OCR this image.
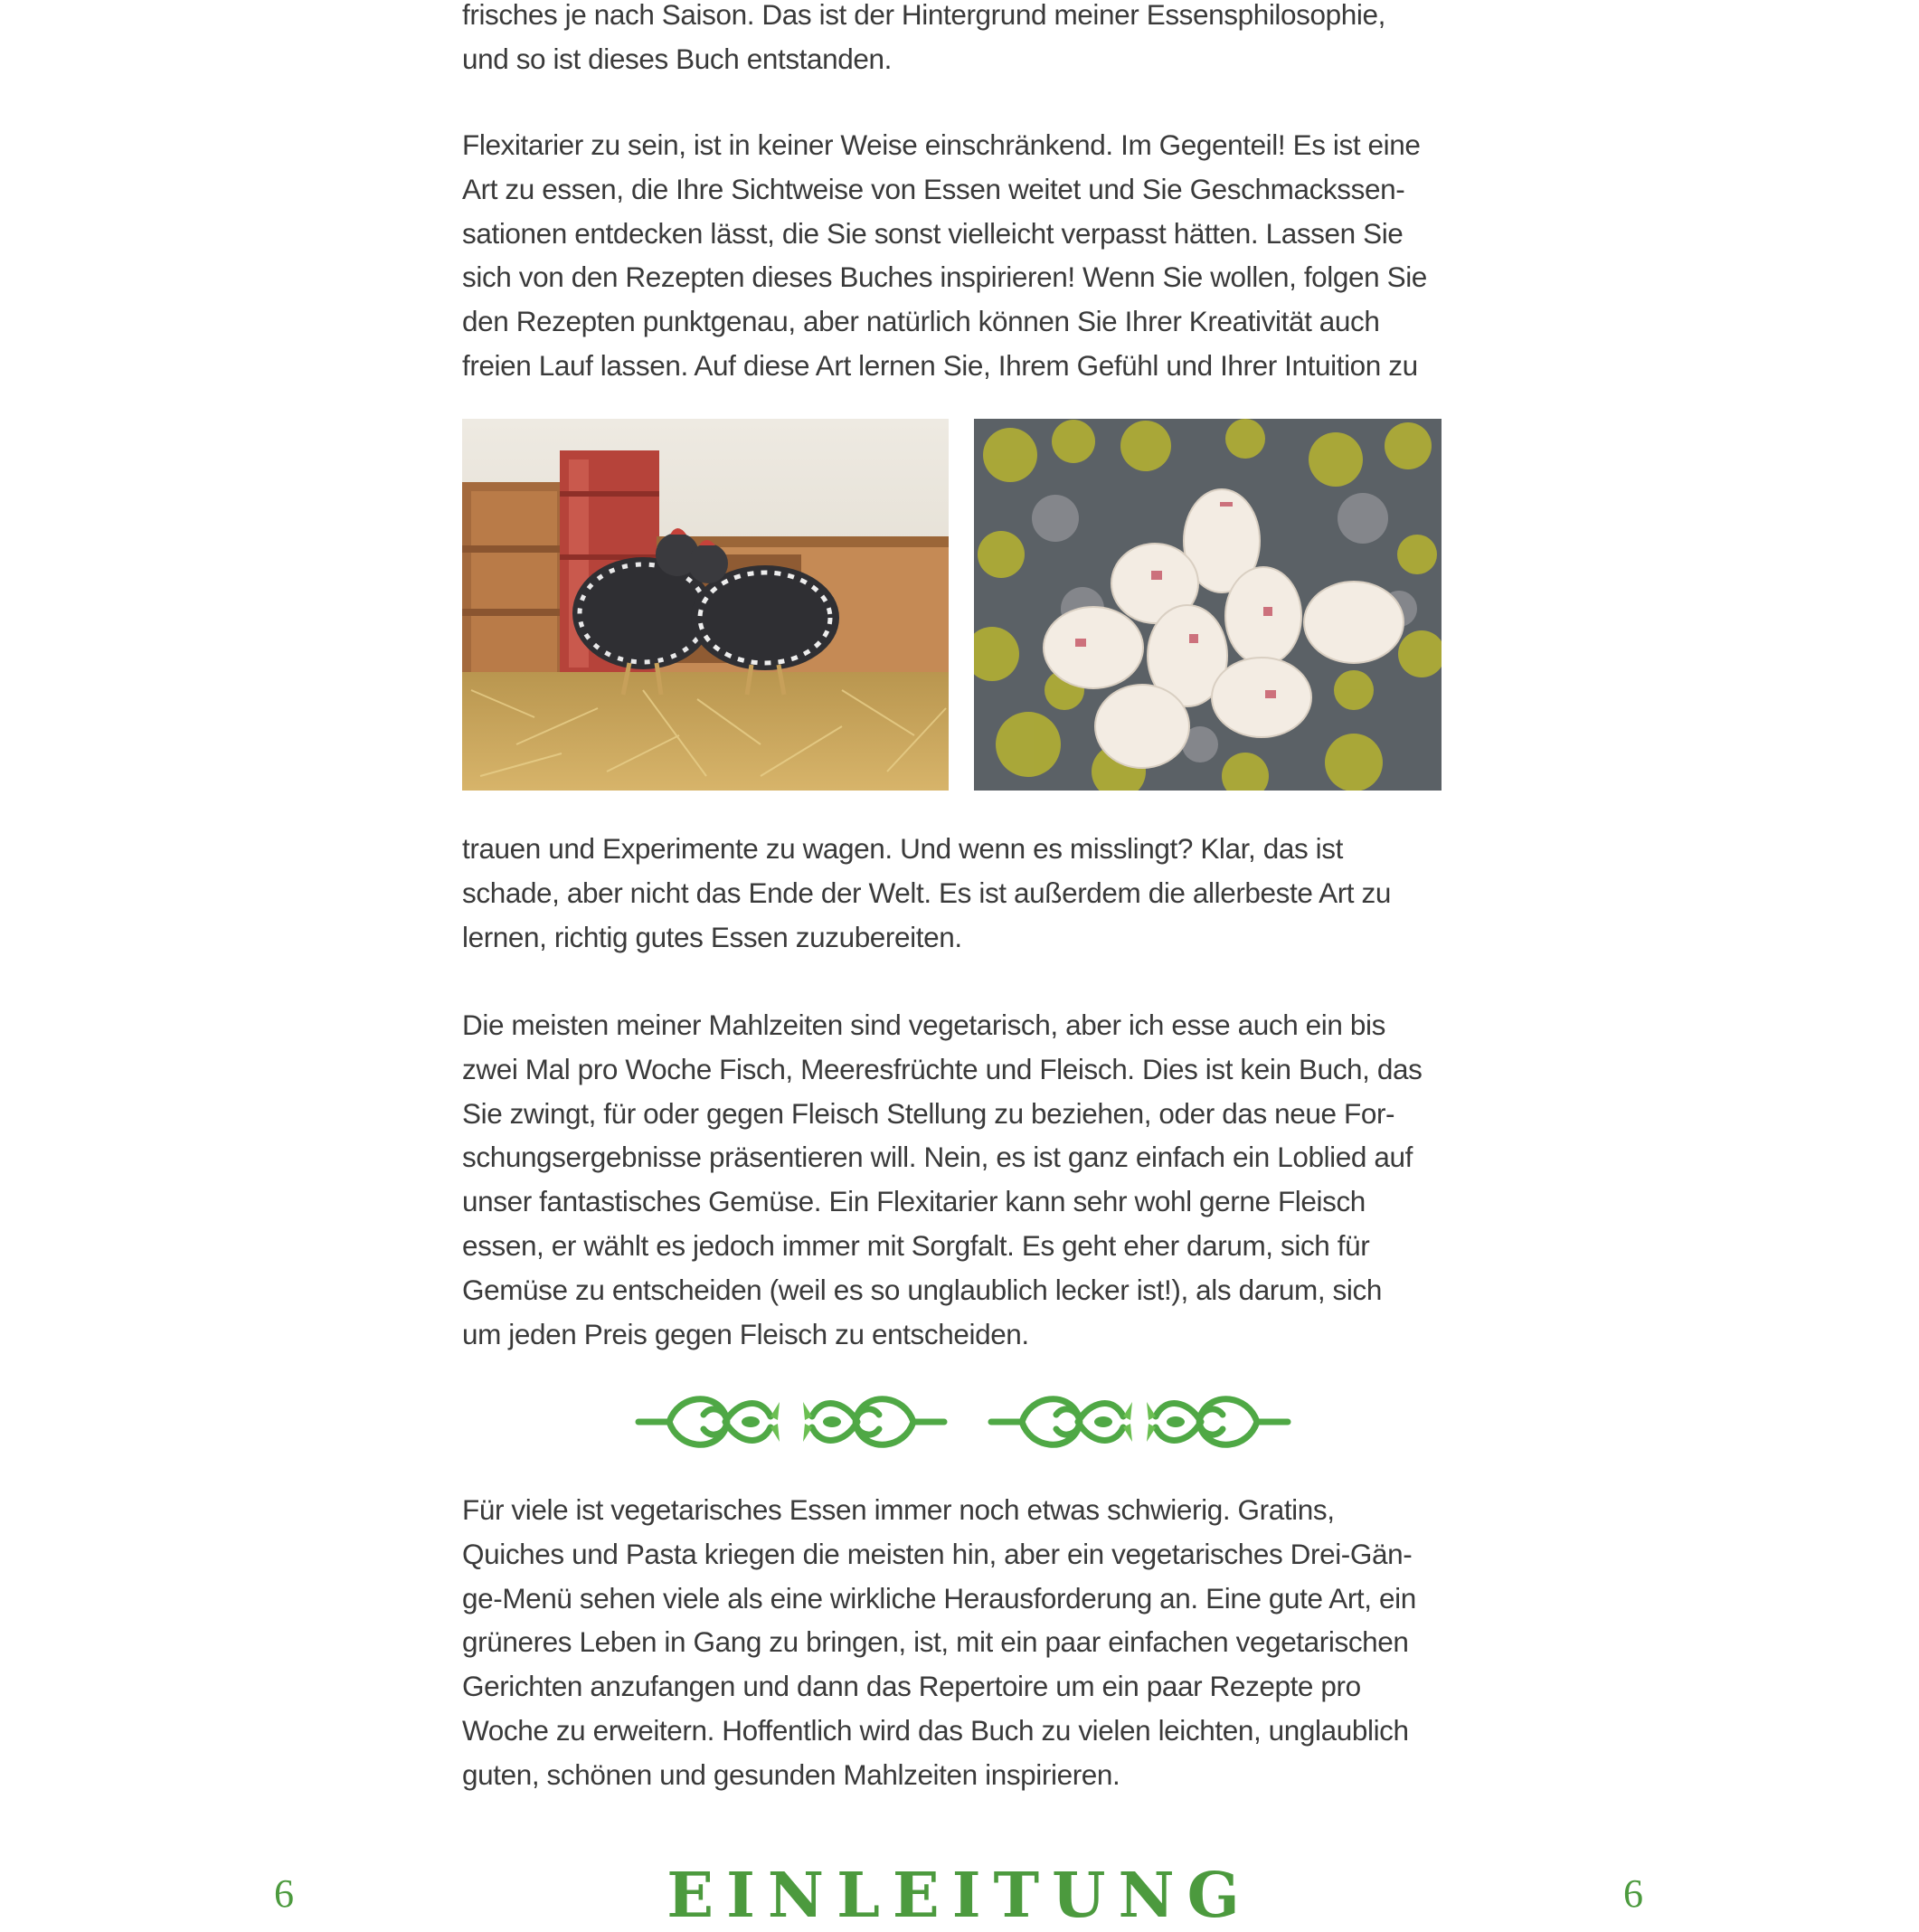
frisches je nach Saison. Das ist der Hintergrund meiner Essensphilosophie,
und so ist dieses Buch entstanden.
Flexitarier zu sein, ist in keiner Weise einschränkend. Im Gegenteil! Es ist eine
Art zu essen, die Ihre Sichtweise von Essen weitet und Sie Geschmackssen-
sationen entdecken lässt, die Sie sonst vielleicht verpasst hätten. Lassen Sie
sich von den Rezepten dieses Buches inspirieren! Wenn Sie wollen, folgen Sie
den Rezepten punktgenau, aber natürlich können Sie Ihrer Kreativität auch
freien Lauf lassen. Auf diese Art lernen Sie, Ihrem Gefühl und Ihrer Intuition zu
trauen und Experimente zu wagen. Und wenn es misslingt? Klar, das ist
schade, aber nicht das Ende der Welt. Es ist außerdem die allerbeste Art zu
lernen, richtig gutes Essen zuzubereiten.
Die meisten meiner Mahlzeiten sind vegetarisch, aber ich esse auch ein bis
zwei Mal pro Woche Fisch, Meeresfrüchte und Fleisch. Dies ist kein Buch, das
Sie zwingt, für oder gegen Fleisch Stellung zu beziehen, oder das neue For-
schungsergebnisse präsentieren will. Nein, es ist ganz einfach ein Loblied auf
unser fantastisches Gemüse. Ein Flexitarier kann sehr wohl gerne Fleisch
essen, er wählt es jedoch immer mit Sorgfalt. Es geht eher darum, sich für
Gemüse zu entscheiden (weil es so unglaublich lecker ist!), als darum, sich
um jeden Preis gegen Fleisch zu entscheiden.
Für viele ist vegetarisches Essen immer noch etwas schwierig. Gratins,
Quiches und Pasta kriegen die meisten hin, aber ein vegetarisches Drei-Gän-
ge-Menü sehen viele als eine wirkliche Herausforderung an. Eine gute Art, ein
grüneres Leben in Gang zu bringen, ist, mit ein paar einfachen vegetarischen
Gerichten anzufangen und dann das Repertoire um ein paar Rezepte pro
Woche zu erweitern. Hoffentlich wird das Buch zu vielen leichten, unglaublich
guten, schönen und gesunden Mahlzeiten inspirieren.
6	EINLEITUNG	6
